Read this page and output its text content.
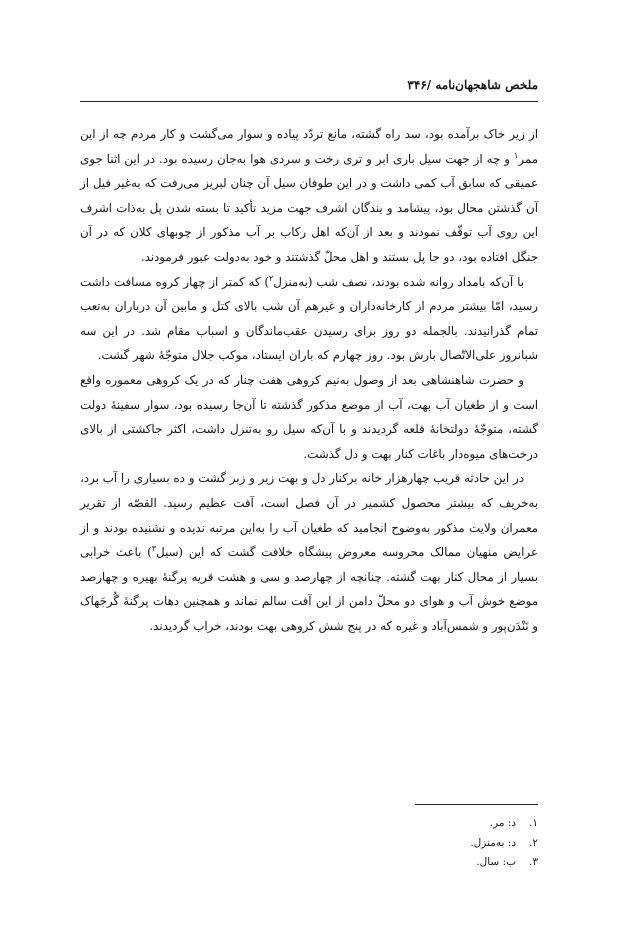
ملخص شاهجهان‌نامه /۳۴۶

از زیر خاک برآمده بود، سد راه گشته، مانع تردّد پیاده و سوار می‌گشت و کار مردم چه از این ممر$^۱$ و چه از جهت سیل باری ابر و تری رخت و سردی هوا به‌جان رسیده بود. در این اثنا جوی عمیقی که سابق آب کمی داشت و در این طوفان سیل آن چنان لبریز می‌رفت که به‌غیر فیل از آن گذشتن محال بود، پیشامد و بندگان اشرف جهت مزید تأکید تا بسته شدن پل به‌ذات اشرف این روی آب توقّف نمودند و بعد از آن‌که اهل رکاب بر آب مذکور از چوبهای کلان که در آن جنگل افتاده بود، دو جا پل بستند و اهل محلّ گذشتند و خود به‌دولت عبور فرمودند.

با آن‌که بامداد روانه شده بودند، نصف شب (به‌منزل$^۲$) که کمتر از چهار کروه مسافت داشت رسید، امّا بیشتر مردم از کارخانه‌داران و غیرهم آن شب بالای کتل و مابین آن درباران به‌تعب تمام گذرانیدند. بالجمله دو روز برای رسیدن عقب‌ماندگان و اسباب مقام شد. در این سه شبانروز علی‌الاتّصال بارش بود. روز چهارم که باران ایستاد، موکب جلال متوجّهٔ شهر گشت.

و حضرت شاهنشاهی بعد از وصول به‌نیم کروهی هفت چنار که در یک کروهی معموره واقع است و از طغیان آب بهت، آب از موضع مذکور گذشته تا آن‌جا رسیده بود، سوار سفینهٔ دولت گشته، متوجّهٔ دولتخانهٔ قلعه گردیدند و با آن‌که سیل رو به‌تنزل داشت، اکثر جاکشتی از بالای درخت‌های میوه‌دار باغات کنار بهت و دل گذشت.

در این حادثه قریب چهارهزار خانه برکنار دل و بهت زیر و زبر گشت و ده بسیاری را آب برد، به‌خریف که بیشتر محصول کشمیر در آن فصل است، آفت عظیم رسید. القصّه از تقریر معمران ولایت مذکور به‌وضوح انجامید که طغیان آب را به‌این مرتبه ندیده و نشنیده بودند و از عرایض منهیان ممالک محروسه معروض پیشگاه خلافت گشت که این (سیل$^۳$) باعث خرابی بسیار از محال کنار بهت گشته. چنانچه از چهارصد و سی و هشت قریه پرگنهٔ بهیره و چهارصد موضع خوش آب و هوای دو محلّ دامن از این آفت سالم نماند و همچنین دهات پرگنهٔ گُرجَهاک و نَنْدَن‌پور و شمس‌آباد و غیره که در پنج شش کروهی بهت بودند، خراب گردیدند.

۱.د: مر.
۲.د: به‌منزل.
۳.ب: سال.
